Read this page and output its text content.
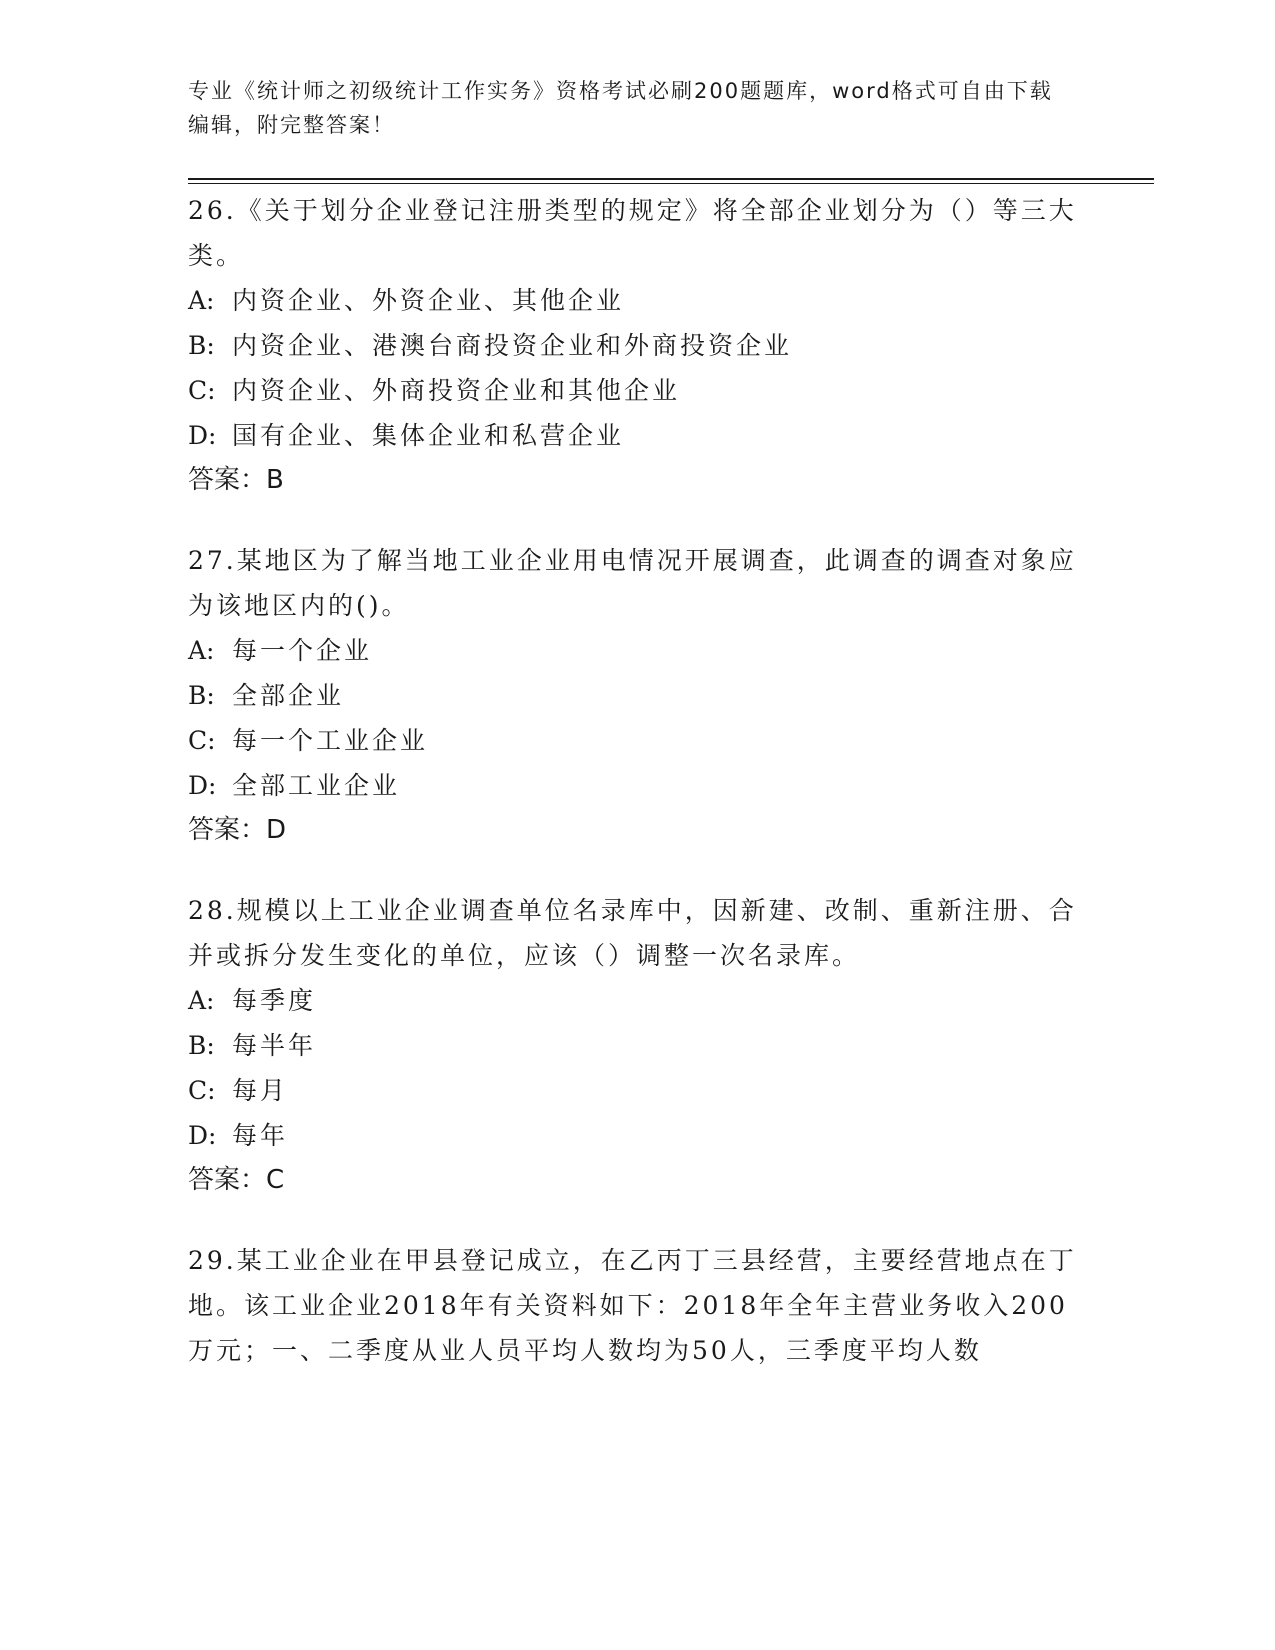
专业《统计师之初级统计工作实务》资格考试必刷200题题库，word格式可自由下载编辑，附完整答案！

26.《关于划分企业登记注册类型的规定》将全部企业划分为（）等三大类。

A: 内资企业、外资企业、其他企业

B: 内资企业、港澳台商投资企业和外商投资企业

C: 内资企业、外商投资企业和其他企业

D: 国有企业、集体企业和私营企业

答案：B

27.某地区为了解当地工业企业用电情况开展调查，此调查的调查对象应为该地区内的()。

A: 每一个企业

B: 全部企业

C: 每一个工业企业

D: 全部工业企业

答案：D

28.规模以上工业企业调查单位名录库中，因新建、改制、重新注册、合并或拆分发生变化的单位，应该（）调整一次名录库。

A: 每季度

B: 每半年

C: 每月

D: 每年

答案：C

29.某工业企业在甲县登记成立，在乙丙丁三县经营，主要经营地点在丁地。该工业企业2018年有关资料如下：2018年全年主营业务收入200万元；一、二季度从业人员平均人数均为50人，三季度平均人数
